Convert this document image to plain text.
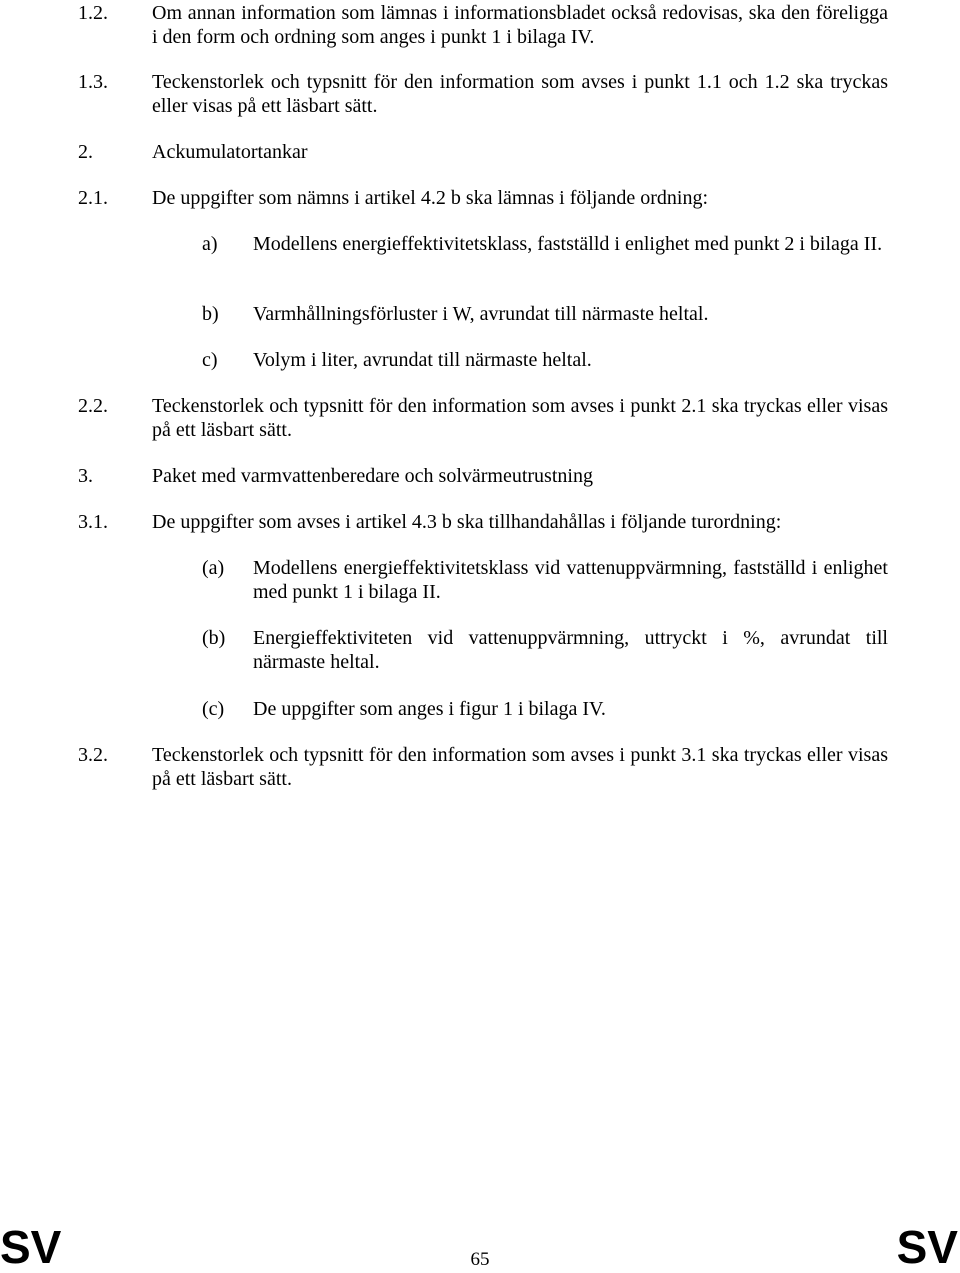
1.2. Om annan information som lämnas i informationsbladet också redovisas, ska den föreligga i den form och ordning som anges i punkt 1 i bilaga IV.
1.3. Teckenstorlek och typsnitt för den information som avses i punkt 1.1 och 1.2 ska tryckas eller visas på ett läsbart sätt.
2.	Ackumulatortankar
2.1. De uppgifter som nämns i artikel 4.2 b ska lämnas i följande ordning:
a) Modellens energieffektivitetsklass, fastställd i enlighet med punkt 2 i bilaga II.
b) Varmhållningsförluster i W, avrundat till närmaste heltal.
c) Volym i liter, avrundat till närmaste heltal.
2.2. Teckenstorlek och typsnitt för den information som avses i punkt 2.1 ska tryckas eller visas på ett läsbart sätt.
3.	Paket med varmvattenberedare och solvärmeutrustning
3.1. De uppgifter som avses i artikel 4.3 b ska tillhandahållas i följande turordning:
(a) Modellens energieffektivitetsklass vid vattenuppvärmning, fastställd i enlighet med punkt 1 i bilaga II.
(b) Energieffektiviteten vid vattenuppvärmning, uttryckt i %, avrundat till närmaste heltal.
(c) De uppgifter som anges i figur 1 i bilaga IV.
3.2. Teckenstorlek och typsnitt för den information som avses i punkt 3.1 ska tryckas eller visas på ett läsbart sätt.
SV	65	SV
